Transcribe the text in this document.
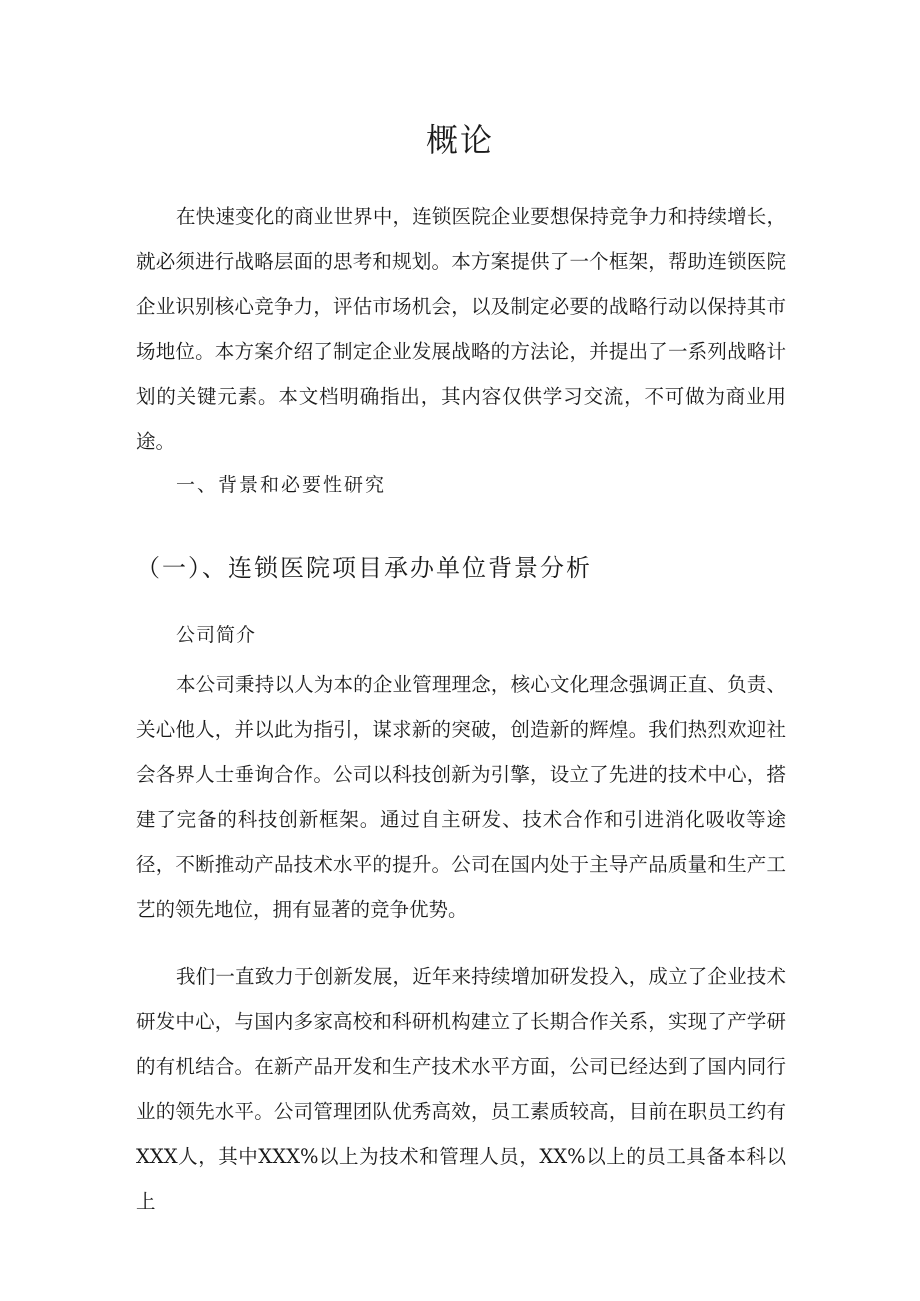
概论

在快速变化的商业世界中，连锁医院企业要想保持竞争力和持续增长，就必须进行战略层面的思考和规划。本方案提供了一个框架，帮助连锁医院企业识别核心竞争力，评估市场机会，以及制定必要的战略行动以保持其市场地位。本方案介绍了制定企业发展战略的方法论，并提出了一系列战略计划的关键元素。本文档明确指出，其内容仅供学习交流，不可做为商业用途。

一、背景和必要性研究
（一）、连锁医院项目承办单位背景分析
公司简介

本公司秉持以人为本的企业管理理念，核心文化理念强调正直、负责、关心他人，并以此为指引，谋求新的突破，创造新的辉煌。我们热烈欢迎社会各界人士垂询合作。公司以科技创新为引擎，设立了先进的技术中心，搭建了完备的科技创新框架。通过自主研发、技术合作和引进消化吸收等途径，不断推动产品技术水平的提升。公司在国内处于主导产品质量和生产工艺的领先地位，拥有显著的竞争优势。

我们一直致力于创新发展，近年来持续增加研发投入，成立了企业技术研发中心，与国内多家高校和科研机构建立了长期合作关系，实现了产学研的有机结合。在新产品开发和生产技术水平方面，公司已经达到了国内同行业的领先水平。公司管理团队优秀高效，员工素质较高，目前在职员工约有XXX人，其中XXX%以上为技术和管理人员，XX%以上的员工具备本科以上
